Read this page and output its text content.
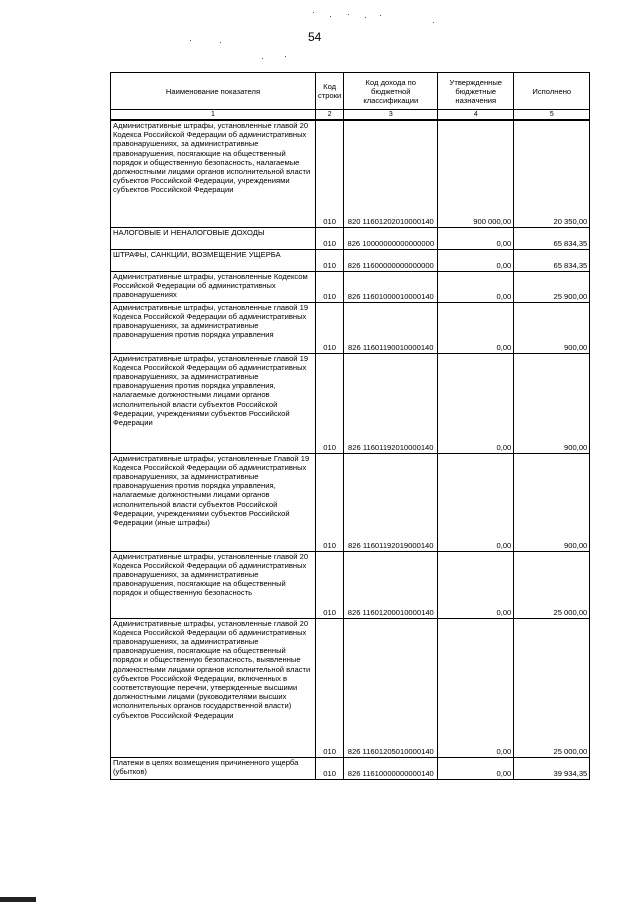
54
Наименование показателя	Код строки	Код дохода по бюджетной классификации	Утвержденные бюджетные назначения	Исполнено
1	2	3	4	5
Административные штрафы, установленные главой 20 Кодекса Российской Федерации об административных правонарушениях, за административные правонарушения, посягающие на общественный порядок и общественную безопасность, налагаемые должностными лицами органов исполнительной власти субъектов Российской Федерации, учреждениями субъектов Российской Федерации	010	820 11601202010000140	900 000,00	20 350,00
НАЛОГОВЫЕ И НЕНАЛОГОВЫЕ ДОХОДЫ	010	826 10000000000000000	0,00	65 834,35
ШТРАФЫ, САНКЦИИ, ВОЗМЕЩЕНИЕ УЩЕРБА	010	826 11600000000000000	0,00	65 834,35
Административные штрафы, установленные Кодексом Российской Федерации об административных правонарушениях	010	826 11601000010000140	0,00	25 900,00
Административные штрафы, установленные главой 19 Кодекса Российской Федерации об административных правонарушениях, за административные правонарушения против порядка управления	010	826 11601190010000140	0,00	900,00
Административные штрафы, установленные главой 19 Кодекса Российской Федерации об административных правонарушениях, за административные правонарушения против порядка управления, налагаемые должностными лицами органов исполнительной власти субъектов Российской Федерации, учреждениями субъектов Российской Федерации	010	826 11601192010000140	0,00	900,00
Административные штрафы, установленные Главой 19 Кодекса Российской Федерации об административных правонарушениях, за административные правонарушения против порядка управления, налагаемые должностными лицами органов исполнительной власти субъектов Российской Федерации, учреждениями субъектов Российской Федерации (иные штрафы)	010	826 11601192019000140	0,00	900,00
Административные штрафы, установленные главой 20 Кодекса Российской Федерации об административных правонарушениях, за административные правонарушения, посягающие на общественный порядок и общественную безопасность	010	826 11601200010000140	0,00	25 000,00
Административные штрафы, установленные главой 20 Кодекса Российской Федерации об административных правонарушениях, за административные правонарушения, посягающие на общественный порядок и общественную безопасность, выявленные должностными лицами органов исполнительной власти субъектов Российской Федерации, включенных в соответствующие перечни, утвержденные высшими должностными лицами (руководителями высших исполнительных органов государственной власти) субъектов Российской Федерации	010	826 11601205010000140	0,00	25 000,00
Платежи в целях возмещения причиненного ущерба (убытков)	010	826 11610000000000140	0,00	39 934,35
